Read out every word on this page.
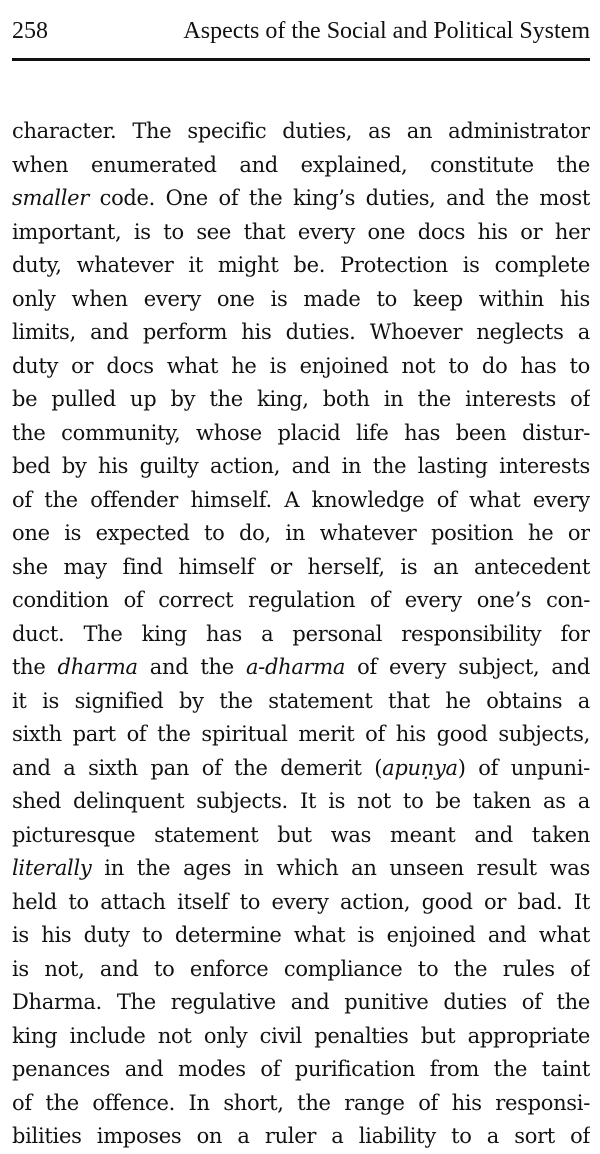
258	Aspects of the Social and Political System
character. The specific duties, as an administrator
when enumerated and explained, constitute the
smaller code. One of the king’s duties, and the most
important, is to see that every one docs his or her
duty, whatever it might be. Protection is complete
only when every one is made to keep within his
limits, and perform his duties. Whoever neglects a
duty or docs what he is enjoined not to do has to
be pulled up by the king, both in the interests of
the community, whose placid life has been distur-
bed by his guilty action, and in the lasting interests
of the offender himself. A knowledge of what every
one is expected to do, in whatever position he or
she may find himself or herself, is an antecedent
condition of correct regulation of every one’s con-
duct. The king has a personal responsibility for
the dharma and the a-dharma of every subject, and
it is signified by the statement that he obtains a
sixth part of the spiritual merit of his good subjects,
and a sixth pan of the demerit (apuṇya) of unpuni-
shed delinquent subjects. It is not to be taken as a
picturesque statement but was meant and taken
literally in the ages in which an unseen result was
held to attach itself to every action, good or bad. It
is his duty to determine what is enjoined and what
is not, and to enforce compliance to the rules of
Dharma. The regulative and punitive duties of the
king include not only civil penalties but appropriate
penances and modes of purification from the taint
of the offence. In short, the range of his responsi-
bilities imposes on a ruler a liability to a sort of
